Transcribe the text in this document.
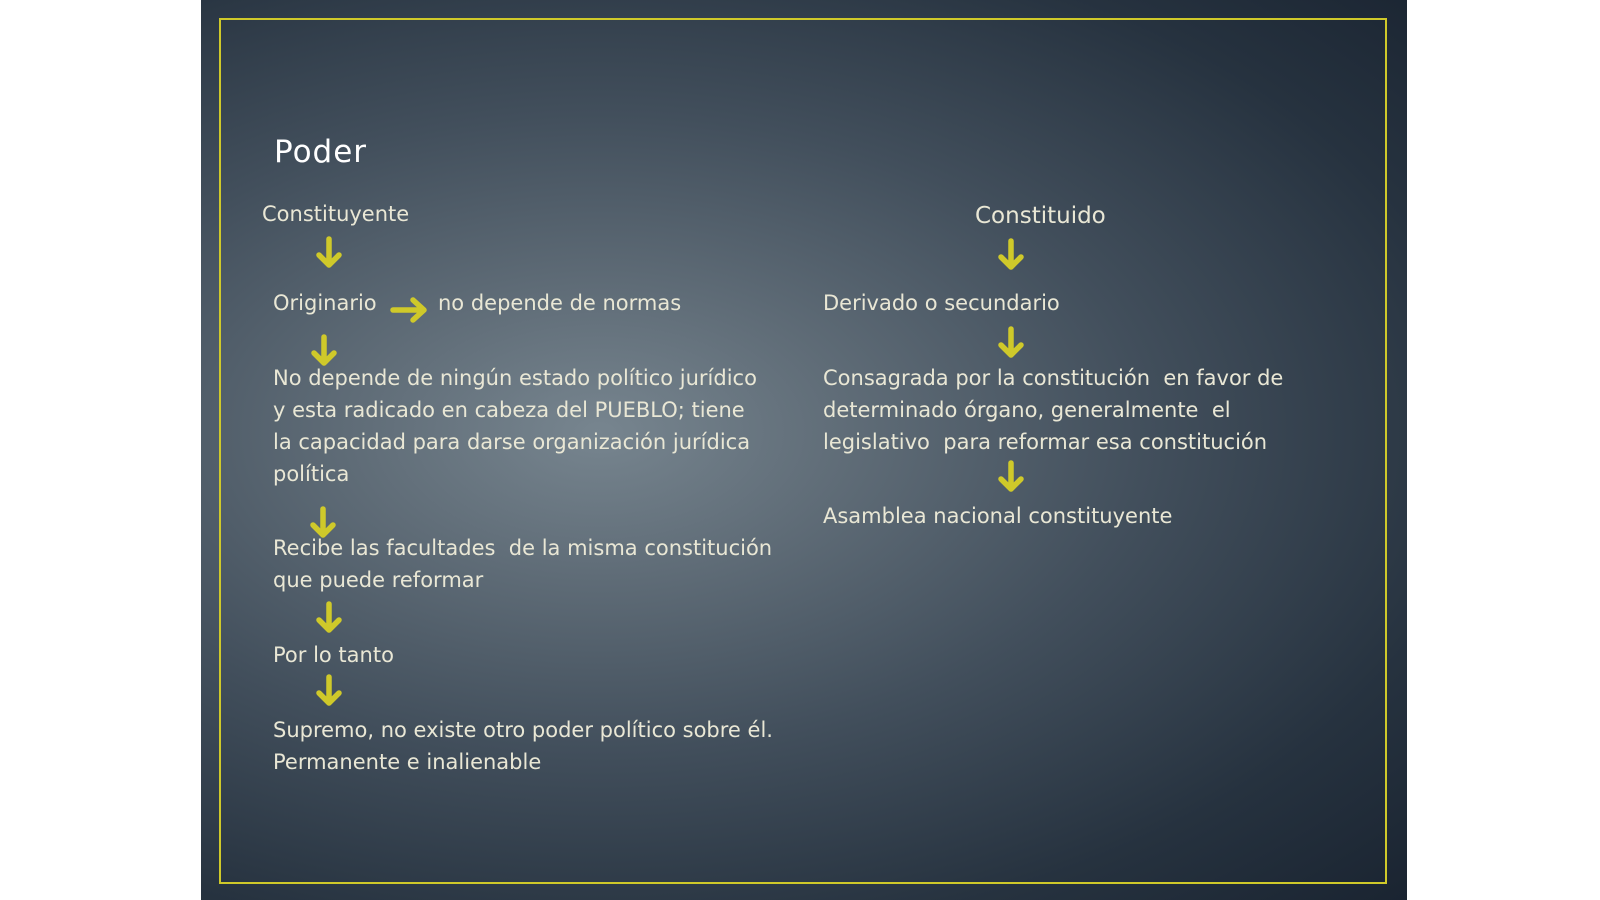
Poder
Constituyente
Originario	no depende de normas
No depende de ningún estado político jurídico
y esta radicado en cabeza del PUEBLO; tiene
la capacidad para darse organización jurídica
política
Recibe las facultades  de la misma constitución
que puede reformar
Por lo tanto
Supremo, no existe otro poder político sobre él.
Permanente e inalienable
Constituido
Derivado o secundario
Consagrada por la constitución  en favor de
determinado órgano, generalmente  el
legislativo  para reformar esa constitución
Asamblea nacional constituyente
